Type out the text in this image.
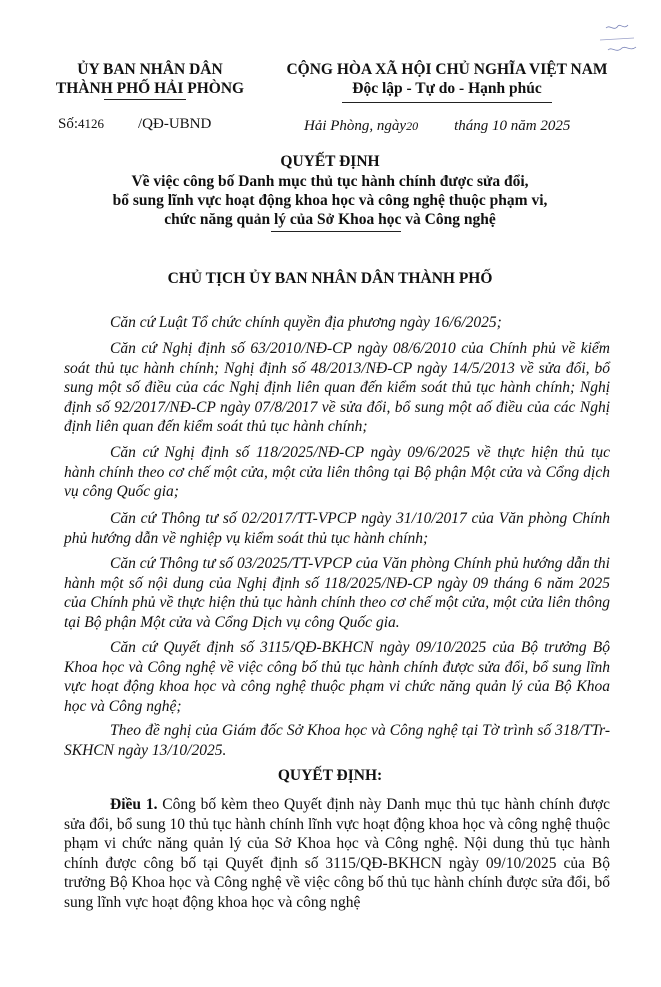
ỦY BAN NHÂN DÂN
THÀNH PHỐ HẢI PHÒNG
CỘNG HÒA XÃ HỘI CHỦ NGHĨA VIỆT NAM
Độc lập - Tự do - Hạnh phúc
Số:4126 /QĐ-UBND	Hải Phòng, ngày20 tháng 10 năm 2025
QUYẾT ĐỊNH
Về việc công bố Danh mục thủ tục hành chính được sửa đổi,
bổ sung lĩnh vực hoạt động khoa học và công nghệ thuộc phạm vi,
chức năng quản lý của Sở Khoa học và Công nghệ
CHỦ TỊCH ỦY BAN NHÂN DÂN THÀNH PHỐ

Căn cứ Luật Tổ chức chính quyền địa phương ngày 16/6/2025;

Căn cứ Nghị định số 63/2010/NĐ-CP ngày 08/6/2010 của Chính phủ về kiểm soát thủ tục hành chính; Nghị định số 48/2013/NĐ-CP ngày 14/5/2013 về sửa đổi, bổ sung một số điều của các Nghị định liên quan đến kiểm soát thủ tục hành chính; Nghị định số 92/2017/NĐ-CP ngày 07/8/2017 về sửa đổi, bổ sung một aố điều của các Nghị định liên quan đến kiểm soát thủ tục hành chính;

Căn cứ Nghị định số 118/2025/NĐ-CP ngày 09/6/2025 về thực hiện thủ tục hành chính theo cơ chế một cửa, một cửa liên thông tại Bộ phận Một cửa và Cổng dịch vụ công Quốc gia;

Căn cứ Thông tư số 02/2017/TT-VPCP ngày 31/10/2017 của Văn phòng Chính phủ hướng dẫn về nghiệp vụ kiểm soát thủ tục hành chính;

Căn cứ Thông tư số 03/2025/TT-VPCP của Văn phòng Chính phủ hướng dẫn thi hành một số nội dung của Nghị định số 118/2025/NĐ-CP ngày 09 tháng 6 năm 2025 của Chính phủ về thực hiện thủ tục hành chính theo cơ chế một cửa, một cửa liên thông tại Bộ phận Một cửa và Cổng Dịch vụ công Quốc gia.

Căn cứ Quyết định số 3115/QĐ-BKHCN ngày 09/10/2025 của Bộ trưởng Bộ Khoa học và Công nghệ về việc công bố thủ tục hành chính được sửa đổi, bổ sung lĩnh vực hoạt động khoa học và công nghệ thuộc phạm vi chức năng quản lý của Bộ Khoa học và Công nghệ;

Theo đề nghị của Giám đốc Sở Khoa học và Công nghệ tại Tờ trình số 318/TTr-SKHCN ngày 13/10/2025.

QUYẾT ĐỊNH:

Điều 1. Công bố kèm theo Quyết định này Danh mục thủ tục hành chính được sửa đổi, bổ sung 10 thủ tục hành chính lĩnh vực hoạt động khoa học và công nghệ thuộc phạm vi chức năng quản lý của Sở Khoa học và Công nghệ. Nội dung thủ tục hành chính được công bố tại Quyết định số 3115/QĐ-BKHCN ngày 09/10/2025 của Bộ trưởng Bộ Khoa học và Công nghệ về việc công bố thủ tục hành chính được sửa đổi, bổ sung lĩnh vực hoạt động khoa học và công nghệ
